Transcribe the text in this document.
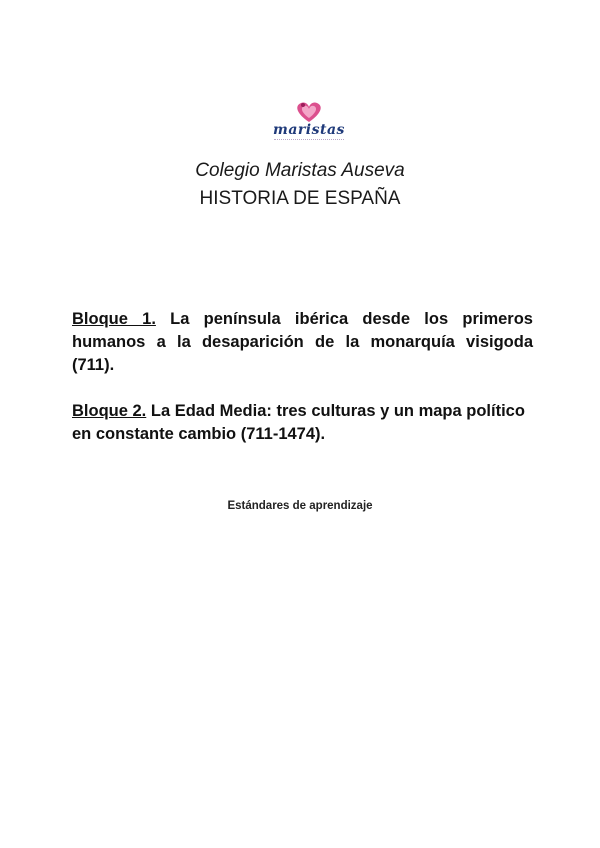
maristas
Colegio Maristas Auseva
HISTORIA DE ESPAÑA
Bloque 1. La península ibérica desde los primeros humanos a la desaparición de la monarquía visigoda (711).
Bloque 2. La Edad Media: tres culturas y un mapa político en constante cambio (711-1474).
Estándares de aprendizaje
